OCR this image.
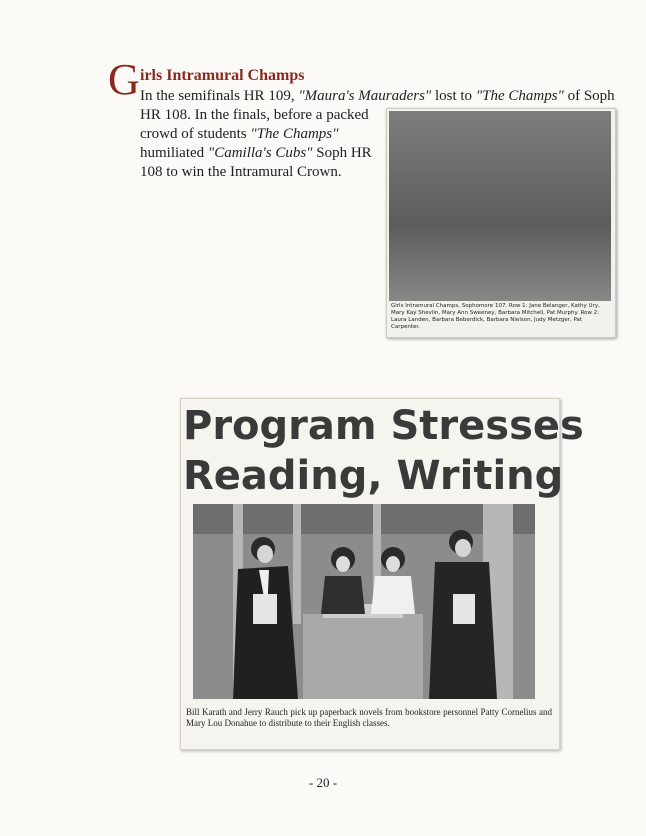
G irls Intramural Champs
In the semifinals HR 109, "Maura's Mauraders" lost to "The Champs" of Soph
HR 108. In the finals, before a packed
crowd of students "The Champs"
humiliated "Camilla's Cubs" Soph HR
108 to win the Intramural Crown.
Girls Intramural Champs, Sophomore 107. Row 1: Jane Belanger, Kathy Ury, Mary Kay Shevlin, Mary Ann Sweeney, Barbara Mitchell, Pat Murphy. Row 2: Laura Landen, Barbara Beberdick, Barbara Nielson, Judy Metzger, Pat Carpenter.
Program Stresses
Reading, Writing
Bill Karath and Jerry Rauch pick up paperback novels from bookstore personnel Patty Cornelius and Mary Lou Donahue to distribute to their English classes.
- 20 -
